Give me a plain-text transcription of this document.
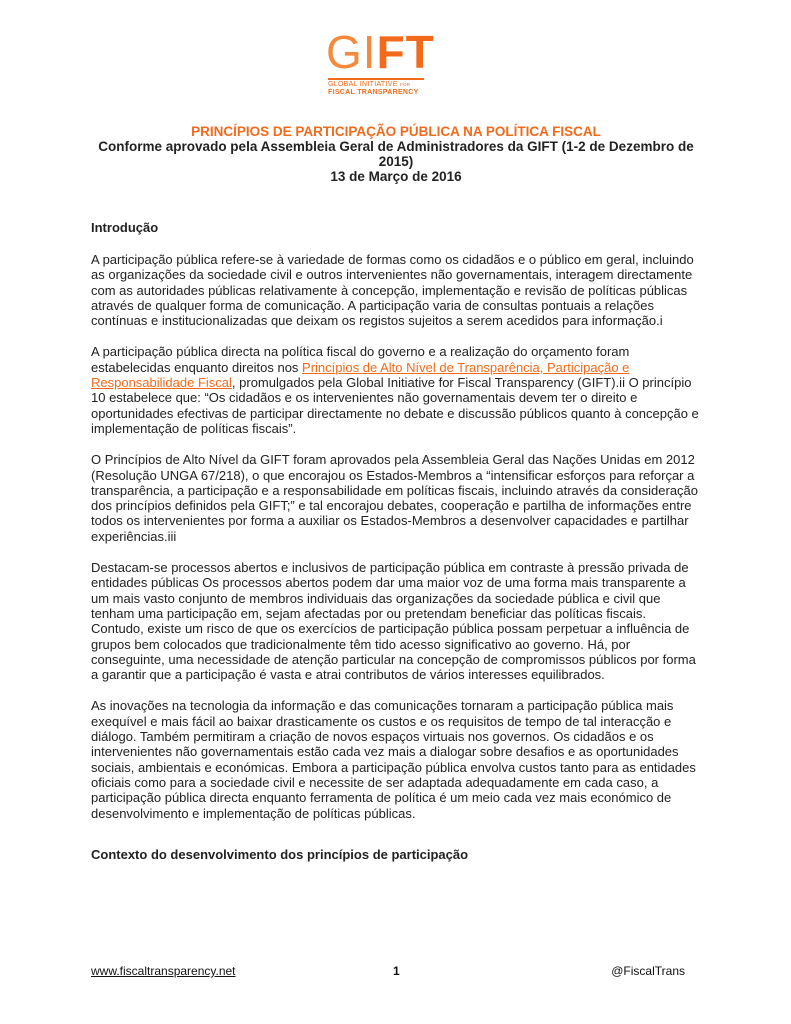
GIFT
GLOBAL INITIATIVE FOR
FISCAL TRANSPARENCY

PRINCÍPIOS DE PARTICIPAÇÃO PÚBLICA NA POLÍTICA FISCAL

Conforme aprovado pela Assembleia Geral de Administradores da GIFT (1-2 de Dezembro de 2015)

13 de Março de 2016

Introdução

A participação pública refere-se à variedade de formas como os cidadãos e o público em geral, incluindo as organizações da sociedade civil e outros intervenientes não governamentais, interagem directamente com as autoridades públicas relativamente à concepção, implementação e revisão de políticas públicas através de qualquer forma de comunicação. A participação varia de consultas pontuais a relações contínuas e institucionalizadas que deixam os registos sujeitos a serem acedidos para informação.i

A participação pública directa na política fiscal do governo e a realização do orçamento foram estabelecidas enquanto direitos nos Princípios de Alto Nível de Transparência, Participação e Responsabilidade Fiscal, promulgados pela Global Initiative for Fiscal Transparency (GIFT).ii O princípio 10 estabelece que: “Os cidadãos e os intervenientes não governamentais devem ter o direito e oportunidades efectivas de participar directamente no debate e discussão públicos quanto à concepção e implementação de políticas fiscais”.

O Princípios de Alto Nível da GIFT foram aprovados pela Assembleia Geral das Nações Unidas em 2012 (Resolução UNGA 67/218), o que encorajou os Estados-Membros a “intensificar esforços para reforçar a transparência, a participação e a responsabilidade em políticas fiscais, incluindo através da consideração dos princípios definidos pela GIFT;” e tal encorajou debates, cooperação e partilha de informações entre todos os intervenientes por forma a auxiliar os Estados-Membros a desenvolver capacidades e partilhar experiências.iii

Destacam-se processos abertos e inclusivos de participação pública em contraste à pressão privada de entidades públicas Os processos abertos podem dar uma maior voz de uma forma mais transparente a um mais vasto conjunto de membros individuais das organizações da sociedade pública e civil que tenham uma participação em, sejam afectadas por ou pretendam beneficiar das políticas fiscais. Contudo, existe um risco de que os exercícios de participação pública possam perpetuar a influência de grupos bem colocados que tradicionalmente têm tido acesso significativo ao governo. Há, por conseguinte, uma necessidade de atenção particular na concepção de compromissos públicos por forma a garantir que a participação é vasta e atrai contributos de vários interesses equilibrados.

As inovações na tecnologia da informação e das comunicações tornaram a participação pública mais exequível e mais fácil ao baixar drasticamente os custos e os requisitos de tempo de tal interacção e diálogo. Também permitiram a criação de novos espaços virtuais nos governos. Os cidadãos e os intervenientes não governamentais estão cada vez mais a dialogar sobre desafios e as oportunidades sociais, ambientais e económicas. Embora a participação pública envolva custos tanto para as entidades oficiais como para a sociedade civil e necessite de ser adaptada adequadamente em cada caso, a participação pública directa enquanto ferramenta de política é um meio cada vez mais económico de desenvolvimento e implementação de políticas públicas.

Contexto do desenvolvimento dos princípios de participação
www.fiscaltransparency.net	1	@FiscalTrans
